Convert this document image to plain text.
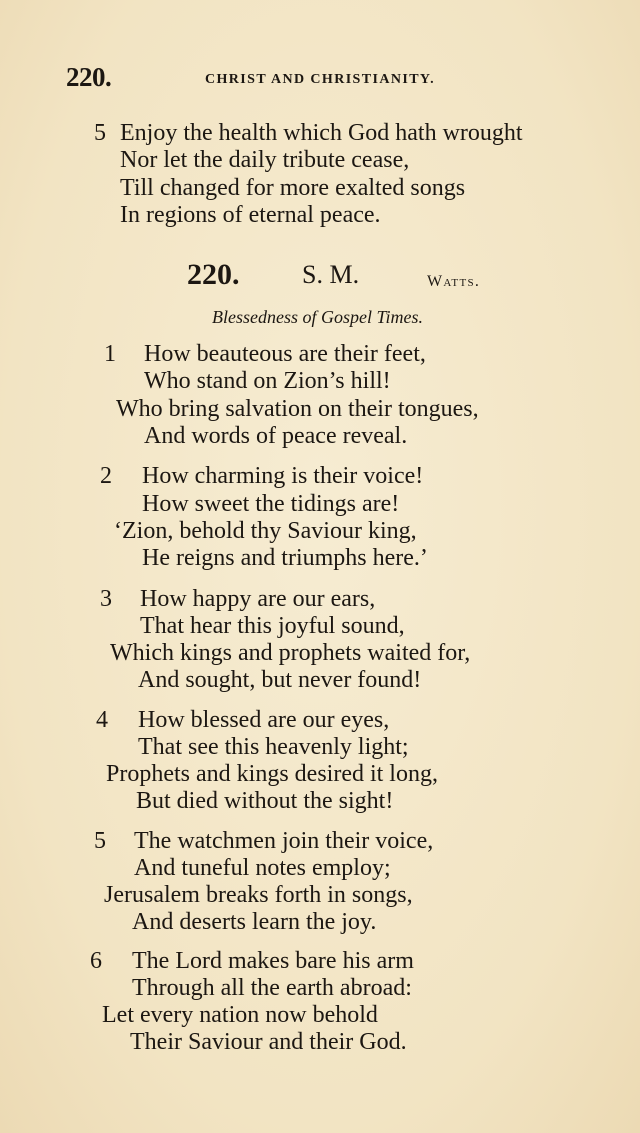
220.	CHRIST AND CHRISTIANITY.
5 Enjoy the health which God hath wrought
Nor let the daily tribute cease,
Till changed for more exalted songs
In regions of eternal peace.
220. S. M.	Watts.
Blessedness of Gospel Times.
1 How beauteous are their feet,
Who stand on Zion’s hill!
Who bring salvation on their tongues,
And words of peace reveal.
2 How charming is their voice!
How sweet the tidings are!
‘Zion, behold thy Saviour king,
He reigns and triumphs here.’
3 How happy are our ears,
That hear this joyful sound,
Which kings and prophets waited for,
And sought, but never found!
4 How blessed are our eyes,
That see this heavenly light;
Prophets and kings desired it long,
But died without the sight!
5 The watchmen join their voice,
And tuneful notes employ;
Jerusalem breaks forth in songs,
And deserts learn the joy.
6 The Lord makes bare his arm
Through all the earth abroad:
Let every nation now behold
Their Saviour and their God.
